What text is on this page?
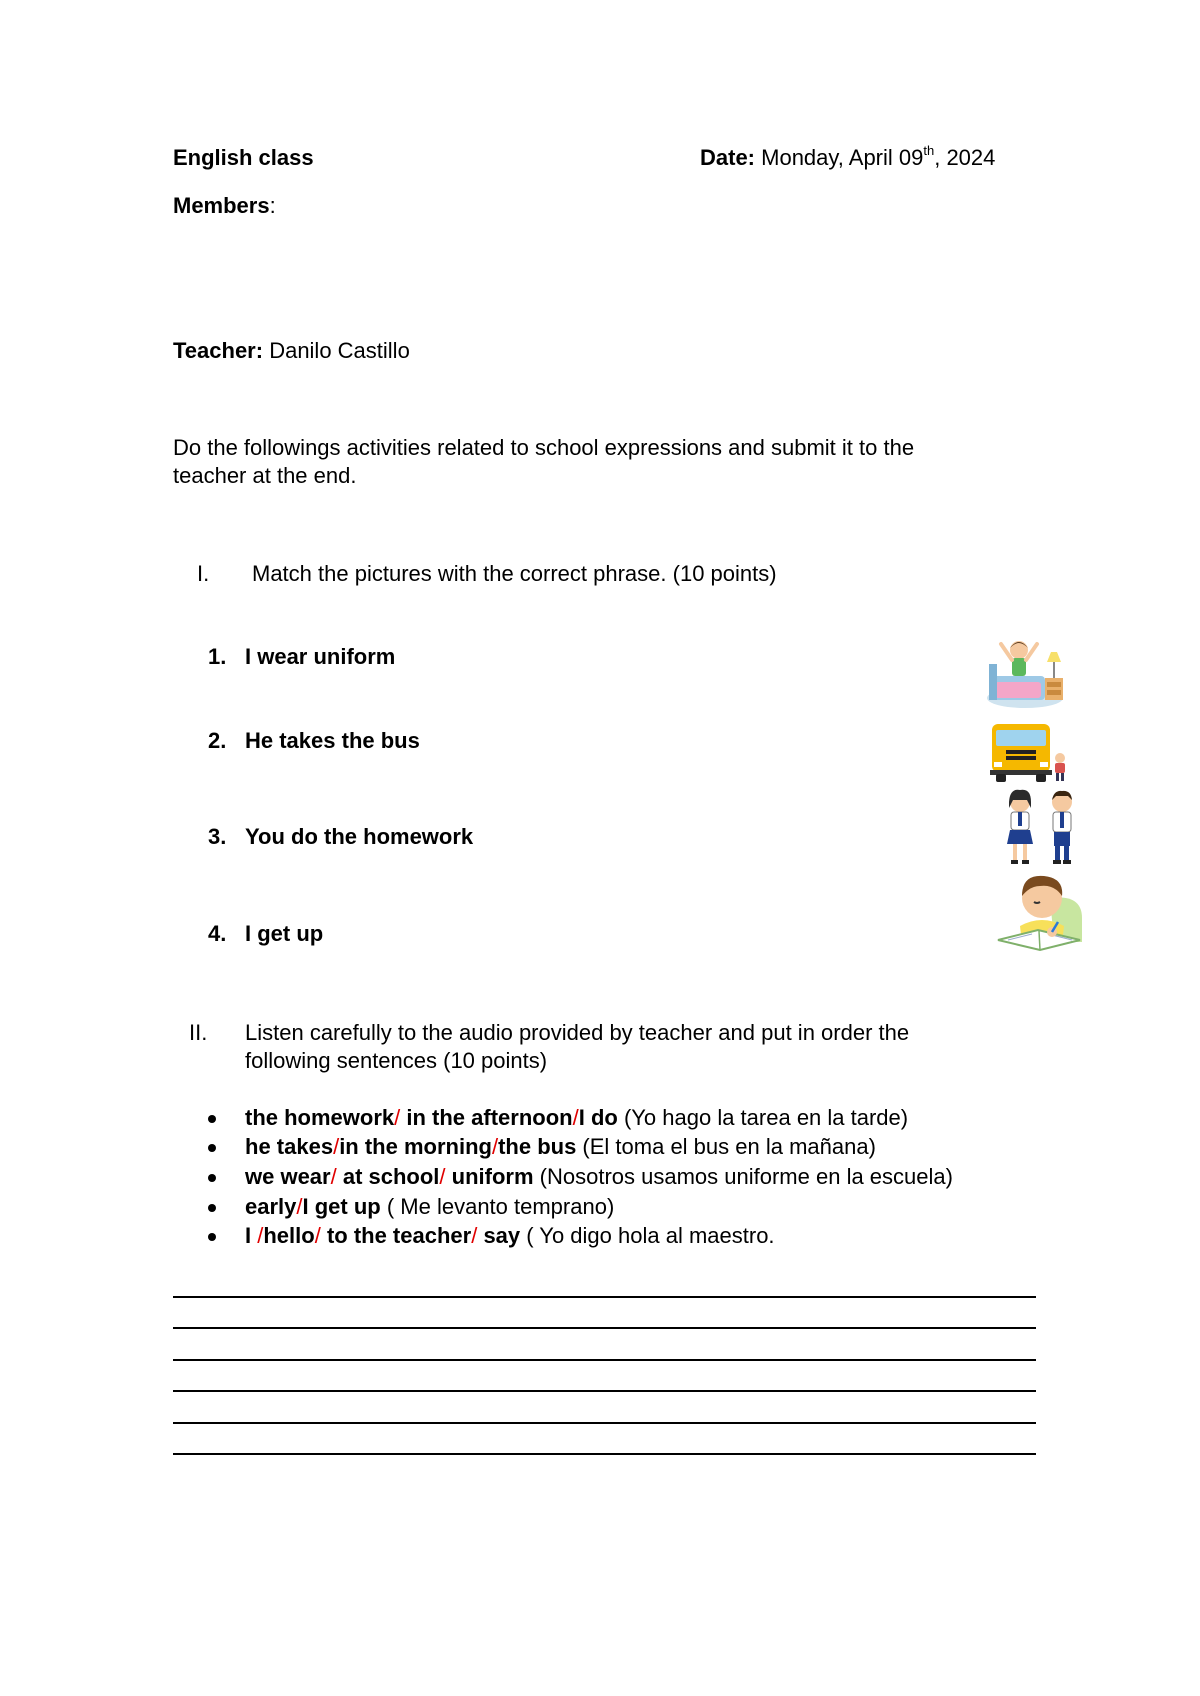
English class	Date: Monday, April 09th, 2024
Members:
Teacher: Danilo Castillo
Do the followings activities related to school expressions and submit it to the
teacher at the end.
I. Match the pictures with the correct phrase. (10 points)
1. I wear uniform
2. He takes the bus
3. You do the homework
4. I get up
II. Listen carefully to the audio provided by teacher and put in order the
following sentences (10 points)
the homework/ in the afternoon/I do (Yo hago la tarea en la tarde)
he takes/in the morning/the bus (El toma el bus en la mañana)
we wear/ at school/ uniform (Nosotros usamos uniforme en la escuela)
early/I get up ( Me levanto temprano)
I /hello/ to the teacher/ say ( Yo digo hola al maestro.
